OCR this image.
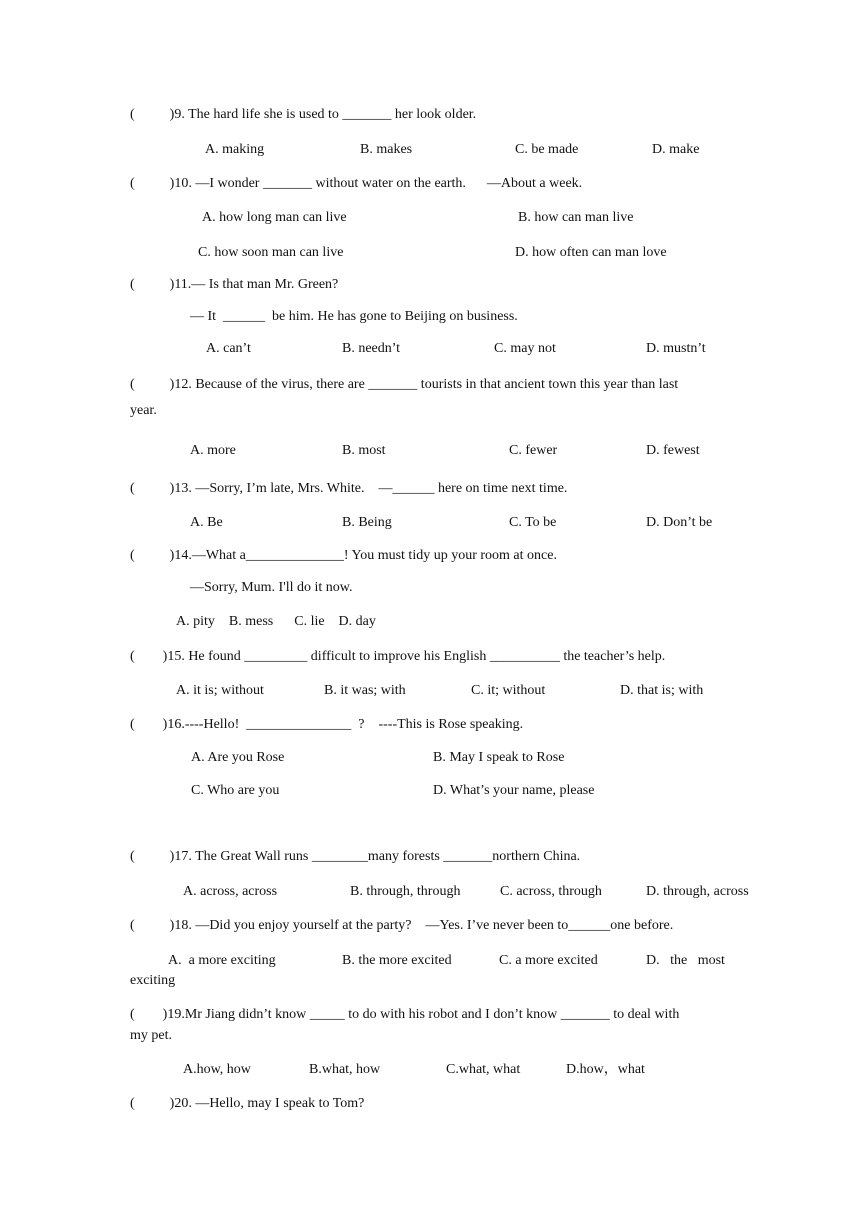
(          )9. The hard life she is used to _______ her look older.
A. making	B. makes	C. be made	D. make
(          )10. —I wonder _______ without water on the earth.      —About a week.
A. how long man can live	B. how can man live
C. how soon man can live	D. how often can man love
(          )11.— Is that man Mr. Green?
— It  ______  be him. He has gone to Beijing on business.
A. can’t	B. needn’t	C. may not	D. mustn’t
(          )12. Because of the virus, there are _______ tourists in that ancient town this year than last
year.
A. more	B. most	C. fewer	D. fewest
(          )13. —Sorry, I’m late, Mrs. White.    —______ here on time next time.
A. Be	B. Being	C. To be	D. Don’t be
(          )14.—What a______________! You must tidy up your room at once.
—Sorry, Mum. I'll do it now.
A. pity    B. mess      C. lie    D. day
(        )15. He found _________ difficult to improve his English __________ the teacher’s help.
A. it is; without	B. it was; with	C. it; without	D. that is; with
(        )16.----Hello!  _______________  ?    ----This is Rose speaking.
A. Are you Rose	B. May I speak to Rose
C. Who are you	D. What’s your name, please
(          )17. The Great Wall runs ________many forests _______northern China.
A. across, across	B. through, through	C. across, through	D. through, across
(          )18. —Did you enjoy yourself at the party?    —Yes. I’ve never been to______one before.
A.  a more exciting	B. the more excited	C. a more excited	D.   the   most
exciting
(        )19.Mr Jiang didn’t know _____ to do with his robot and I don’t know _______ to deal with
my pet.
A.how, how	B.what, how	C.what, what	D.how，what
(          )20. —Hello, may I speak to Tom?
